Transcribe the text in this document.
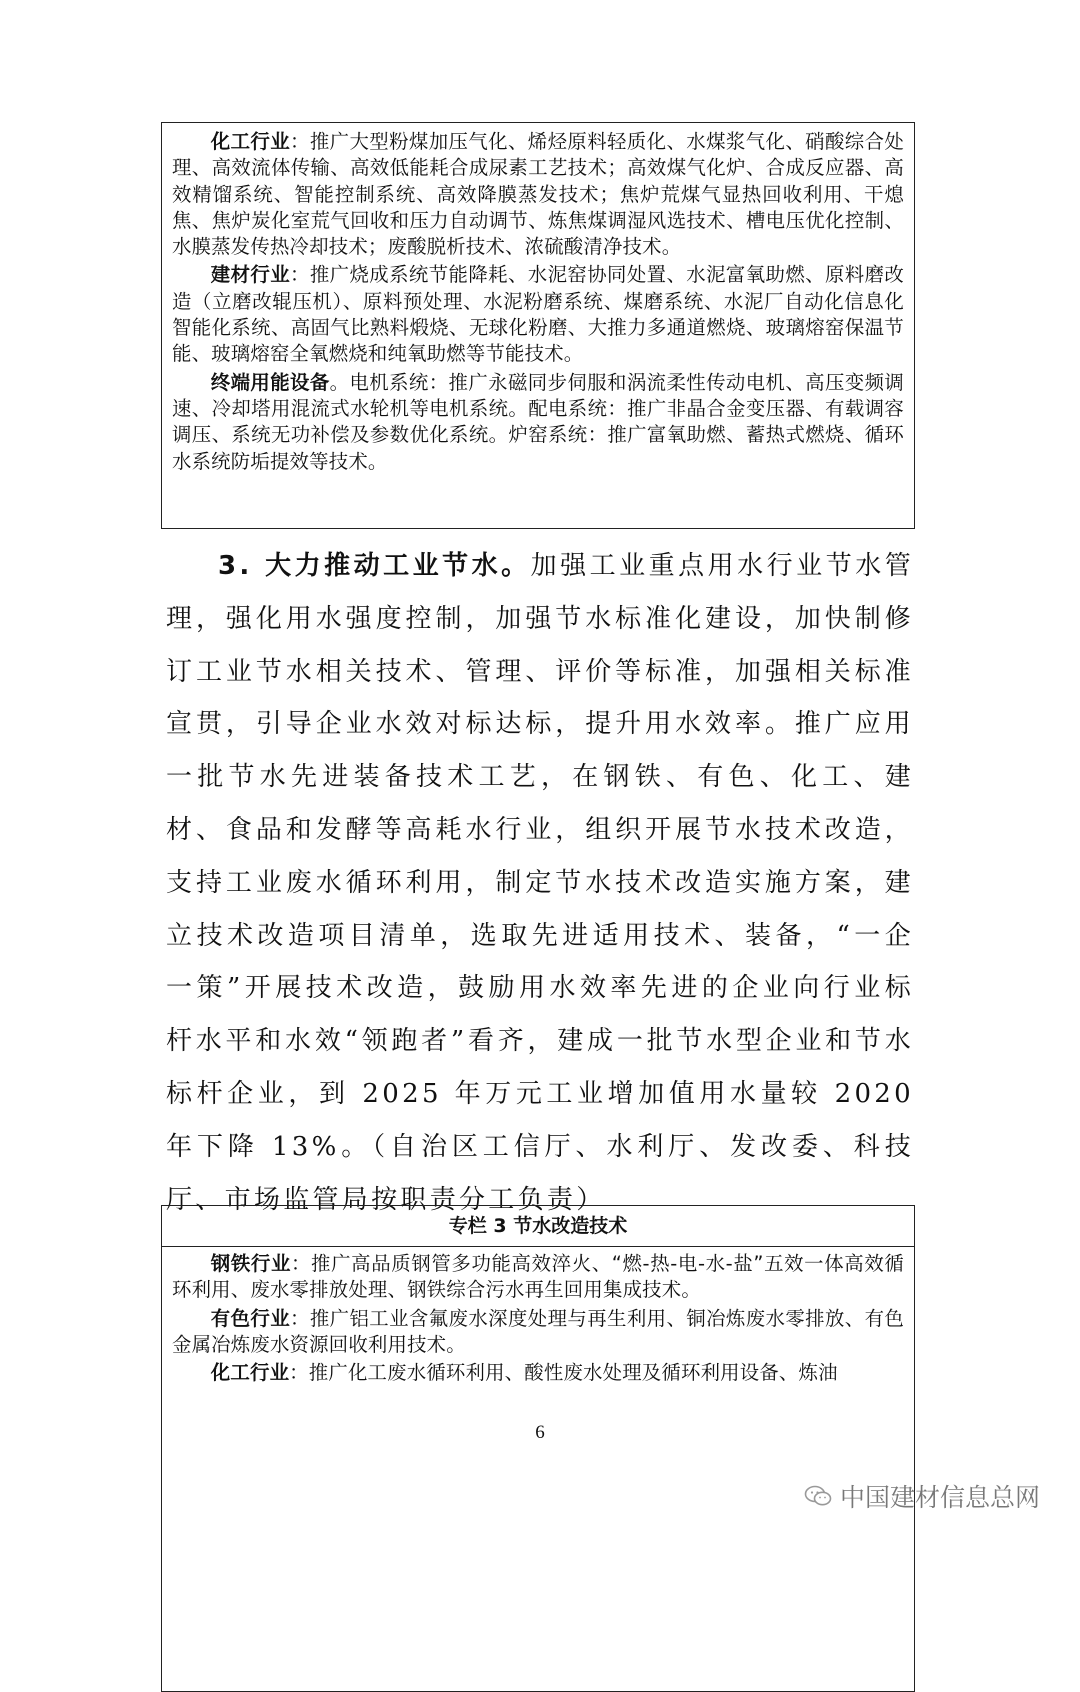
化工行业：推广大型粉煤加压气化、烯烃原料轻质化、水煤浆气化、硝酸综合处理、高效流体传输、高效低能耗合成尿素工艺技术；高效煤气化炉、合成反应器、高效精馏系统、智能控制系统、高效降膜蒸发技术；焦炉荒煤气显热回收利用、干熄焦、焦炉炭化室荒气回收和压力自动调节、炼焦煤调湿风选技术、槽电压优化控制、水膜蒸发传热冷却技术；废酸脱析技术、浓硫酸清净技术。

建材行业：推广烧成系统节能降耗、水泥窑协同处置、水泥富氧助燃、原料磨改造（立磨改辊压机）、原料预处理、水泥粉磨系统、煤磨系统、水泥厂自动化信息化智能化系统、高固气比熟料煅烧、无球化粉磨、大推力多通道燃烧、玻璃熔窑保温节能、玻璃熔窑全氧燃烧和纯氧助燃等节能技术。

终端用能设备。电机系统：推广永磁同步伺服和涡流柔性传动电机、高压变频调速、冷却塔用混流式水轮机等电机系统。配电系统：推广非晶合金变压器、有载调容调压、系统无功补偿及参数优化系统。炉窑系统：推广富氧助燃、蓄热式燃烧、循环水系统防垢提效等技术。

3. 大力推动工业节水。加强工业重点用水行业节水管理，强化用水强度控制，加强节水标准化建设，加快制修订工业节水相关技术、管理、评价等标准，加强相关标准宣贯，引导企业水效对标达标，提升用水效率。推广应用一批节水先进装备技术工艺，在钢铁、有色、化工、建材、食品和发酵等高耗水行业，组织开展节水技术改造，支持工业废水循环利用，制定节水技术改造实施方案，建立技术改造项目清单，选取先进适用技术、装备，“一企一策”开展技术改造，鼓励用水效率先进的企业向行业标杆水平和水效“领跑者”看齐，建成一批节水型企业和节水标杆企业，到 2025 年万元工业增加值用水量较 2020 年下降 13%。（自治区工信厅、水利厅、发改委、科技厅、市场监管局按职责分工负责）

专栏 3 节水改造技术

钢铁行业：推广高品质钢管多功能高效淬火、“燃-热-电-水-盐”五效一体高效循环利用、废水零排放处理、钢铁综合污水再生回用集成技术。

有色行业：推广铝工业含氟废水深度处理与再生利用、铜冶炼废水零排放、有色金属冶炼废水资源回收利用技术。

化工行业：推广化工废水循环利用、酸性废水处理及循环利用设备、炼油

6
中国建材信息总网
